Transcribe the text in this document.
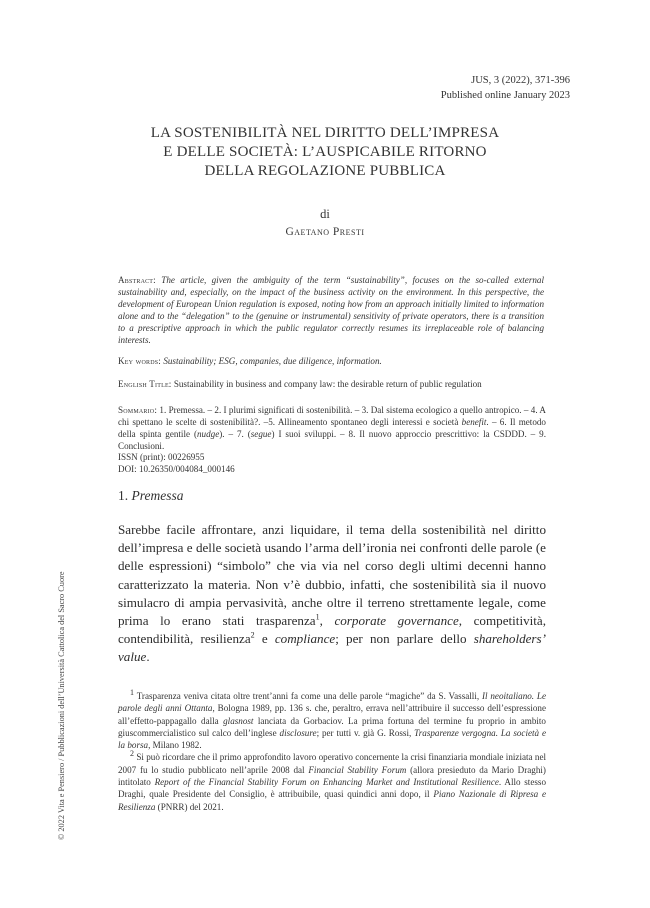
JUS, 3 (2022), 371-396
Published online January 2023
LA SOSTENIBILITÀ NEL DIRITTO DELL’IMPRESA
E DELLE SOCIETÀ: L’AUSPICABILE RITORNO
DELLA REGOLAZIONE PUBBLICA
di
Gaetano Presti
Abstract: The article, given the ambiguity of the term “sustainability”, focuses on the so-called external sustainability and, especially, on the impact of the business activity on the environment. In this perspective, the development of European Union regulation is exposed, noting how from an approach initially limited to information alone and to the “delegation” to the (genuine or instrumental) sensitivity of private operators, there is a transition to a prescriptive approach in which the public regulator correctly resumes its irreplaceable role of balancing interests.
Key words: Sustainability; ESG, companies, due diligence, information.
English Title: Sustainability in business and company law: the desirable return of public regulation
Sommario: 1. Premessa. – 2. I plurimi significati di sostenibilità. – 3. Dal sistema ecologico a quello antropico. – 4. A chi spettano le scelte di sostenibilità?. –5. Allineamento spontaneo degli interessi e società benefit. – 6. Il metodo della spinta gentile (nudge). – 7. (segue) I suoi sviluppi. – 8. Il nuovo approccio prescrittivo: la CSDDD. – 9. Conclusioni.
ISSN (print): 00226955
DOI: 10.26350/004084_000146
1. Premessa
Sarebbe facile affrontare, anzi liquidare, il tema della sostenibilità nel diritto dell’impresa e delle società usando l’arma dell’ironia nei confronti delle parole (e delle espressioni) “simbolo” che via via nel corso degli ultimi decenni hanno caratterizzato la materia. Non v’è dubbio, infatti, che sostenibilità sia il nuovo simulacro di ampia pervasività, anche oltre il terreno strettamente legale, come prima lo erano stati trasparenza$^1$, corporate governance, competitività, contendibilità, resilienza$^2$ e compliance; per non parlare dello shareholders’ value.

$^1$ Trasparenza veniva citata oltre trent’anni fa come una delle parole “magiche” da S. Vassalli, Il neoitaliano. Le parole degli anni Ottanta, Bologna 1989, pp. 136 s. che, peraltro, errava nell’attribuire il successo dell’espressione all’effetto-pappagallo dalla glasnost lanciata da Gorbaciov. La prima fortuna del termine fu proprio in ambito giuscommercialistico sul calco dell’inglese disclosure; per tutti v. già G. Rossi, Trasparenze vergogna. La società e la borsa, Milano 1982.

$^2$ Si può ricordare che il primo approfondito lavoro operativo concernente la crisi finanziaria mondiale iniziata nel 2007 fu lo studio pubblicato nell’aprile 2008 dal Financial Stability Forum (allora presieduto da Mario Draghi) intitolato Report of the Financial Stability Forum on Enhancing Market and Institutional Resilience. Allo stesso Draghi, quale Presidente del Consiglio, è attribuibile, quasi quindici anni dopo, il Piano Nazionale di Ripresa e Resilienza (PNRR) del 2021.

© 2022 Vita e Pensiero / Pubblicazioni dell’Università Cattolica del Sacro Cuore
